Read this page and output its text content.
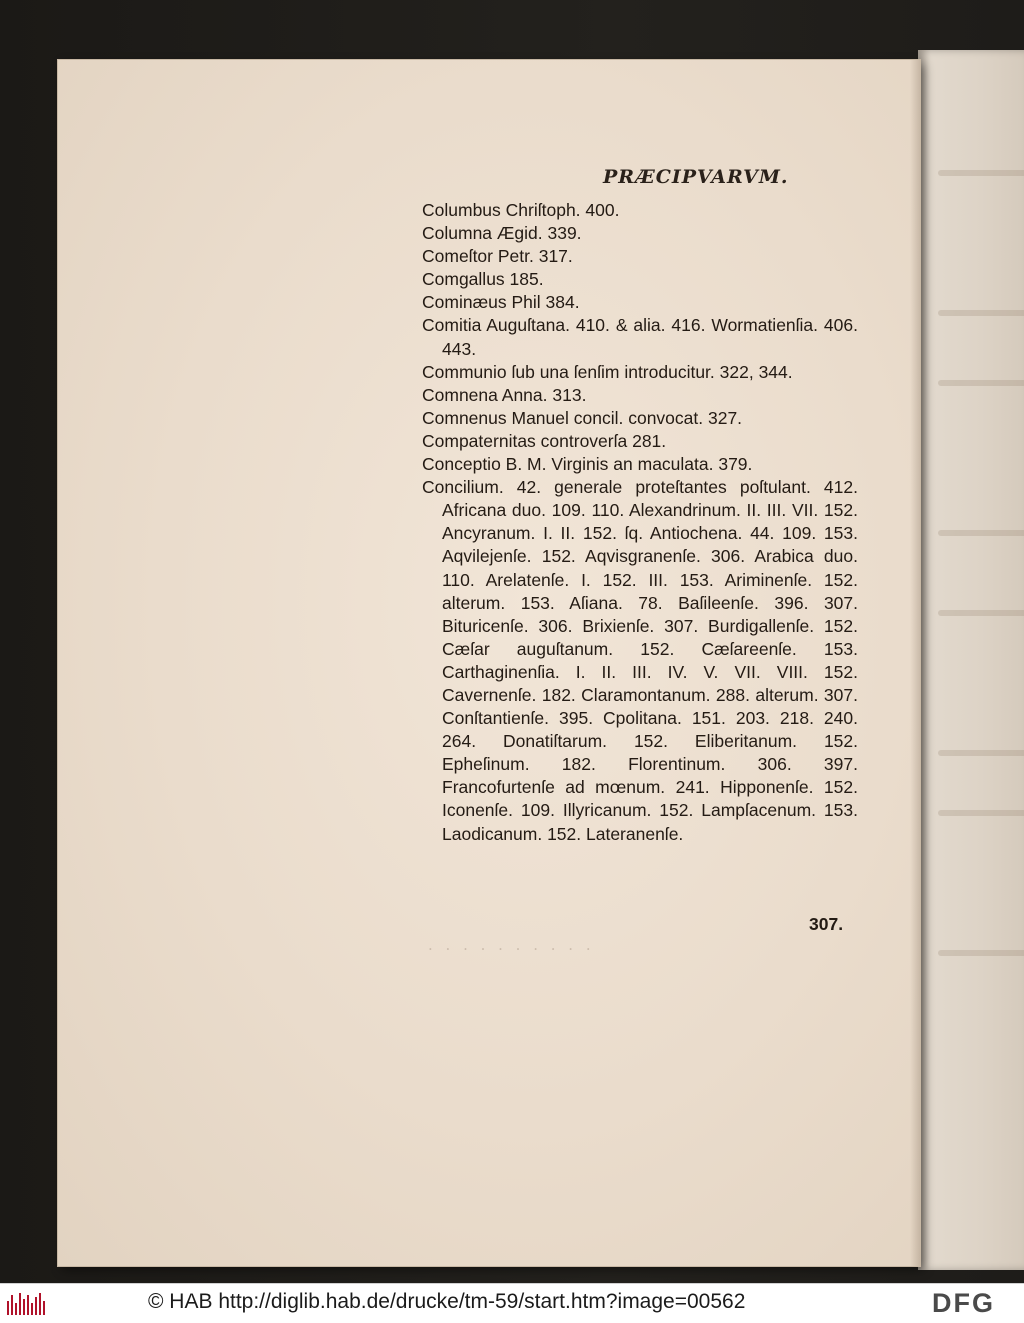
PRÆCIPVARVM.
Columbus Chriſtoph. 400.
Columna Ægid. 339.
Comeſtor Petr. 317.
Comgallus 185.
Cominæus Phil 384.
Comitia Auguſtana. 410. & alia. 416. Wormatienſia. 406. 443.
Communio ſub una ſenſim introducitur. 322, 344.
Comnena Anna. 313.
Comnenus Manuel concil. convocat. 327.
Compaternitas controverſa 281.
Conceptio B. M. Virginis an maculata. 379.
Concilium. 42. generale proteſtantes poſtulant. 412. Africana duo. 109. 110. Alexandrinum. II. III. VII. 152. Ancyranum. I. II. 152. ſq. Antiochena. 44. 109. 153. Aqvilejenſe. 152. Aqvisgranenſe. 306. Arabica duo. 110. Arelatenſe. I. 152. III. 153. Ariminenſe. 152. alterum. 153. Aſiana. 78. Baſileenſe. 396. 307. Bituricenſe. 306. Brixienſe. 307. Burdigallenſe. 152. Cæſar auguſtanum. 152. Cæſareenſe. 153. Carthaginenſia. I. II. III. IV. V. VII. VIII. 152. Cavernenſe. 182. Claramontanum. 288. alterum. 307. Conſtantienſe. 395. Cpolitana. 151. 203. 218. 240. 264. Donatiſtarum. 152. Eliberitanum. 152. Epheſinum. 182. Florentinum. 306. 397. Francofurtenſe ad mœnum. 241. Hipponenſe. 152. Iconenſe. 109. Illyricanum. 152. Lampſacenum. 153. Laodicanum. 152. Lateranenſe.
307.
· · · · · · · · · ·
© HAB http://diglib.hab.de/drucke/tm-59/start.htm?image=00562	DFG
